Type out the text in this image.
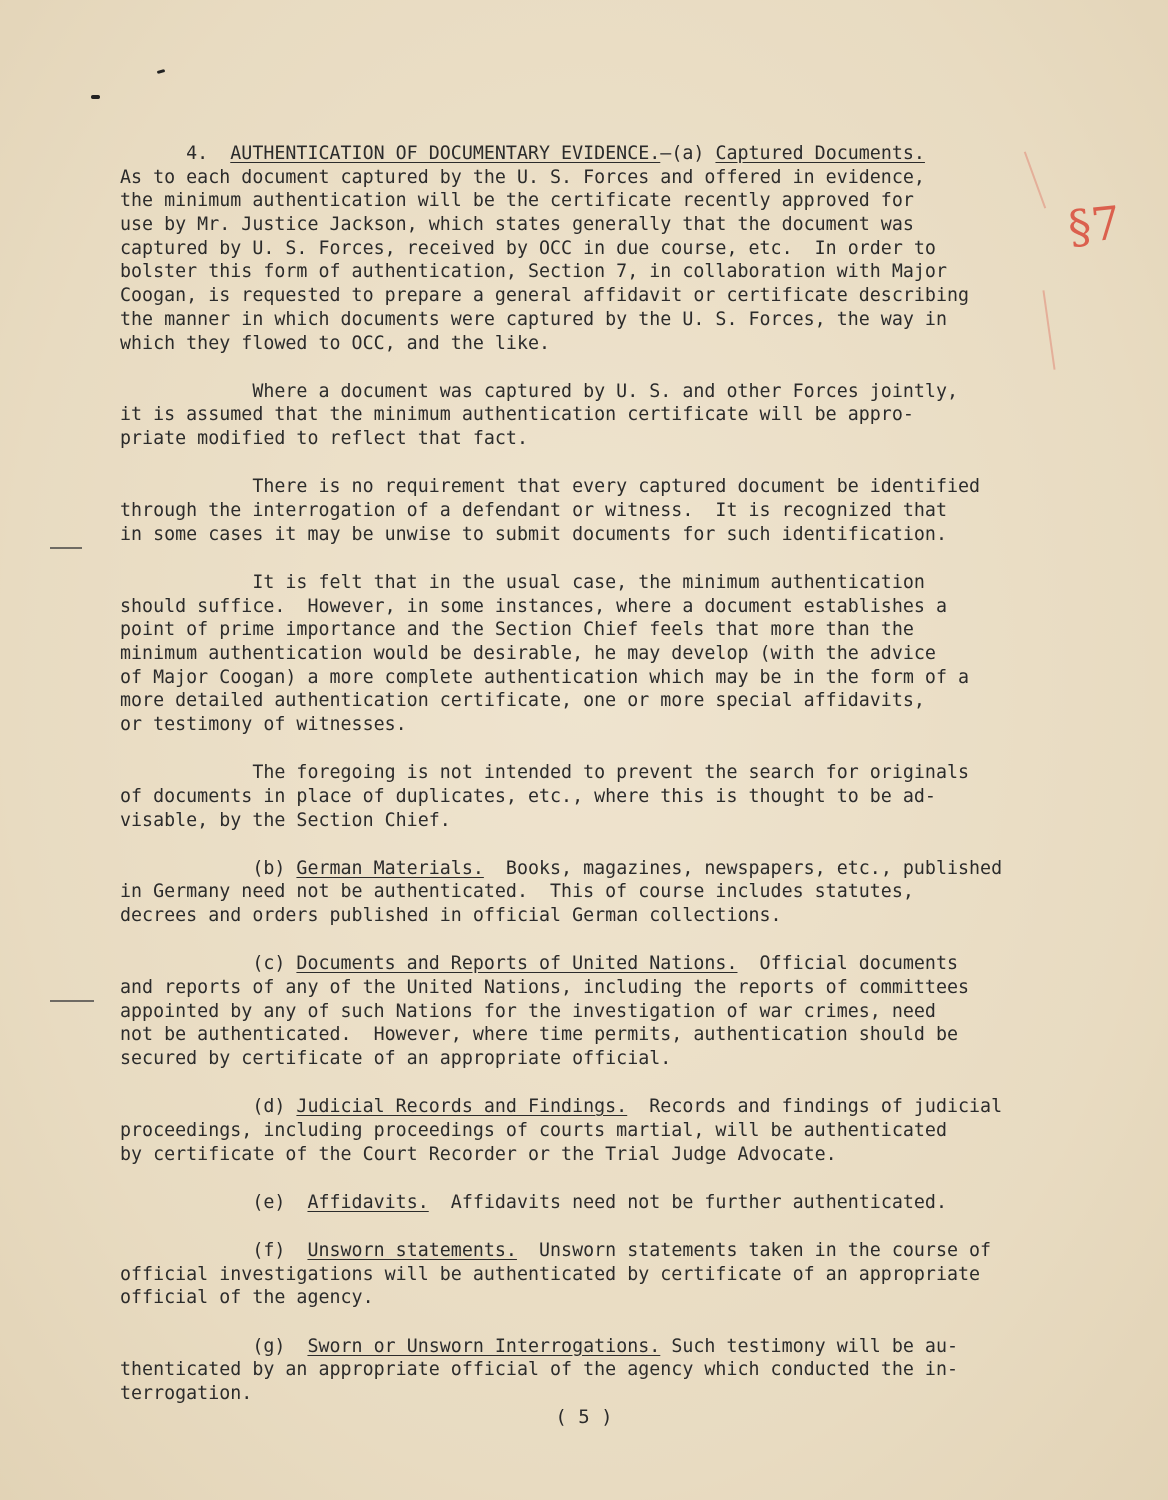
§7
4.  AUTHENTICATION OF DOCUMENTARY EVIDENCE.—(a) Captured Documents.
As to each document captured by the U. S. Forces and offered in evidence,
the minimum authentication will be the certificate recently approved for
use by Mr. Justice Jackson, which states generally that the document was
captured by U. S. Forces, received by OCC in due course, etc.  In order to
bolster this form of authentication, Section 7, in collaboration with Major
Coogan, is requested to prepare a general affidavit or certificate describing
the manner in which documents were captured by the U. S. Forces, the way in
which they flowed to OCC, and the like.
Where a document was captured by U. S. and other Forces jointly,
it is assumed that the minimum authentication certificate will be appro-
priate modified to reflect that fact.
There is no requirement that every captured document be identified
through the interrogation of a defendant or witness.  It is recognized that
in some cases it may be unwise to submit documents for such identification.
It is felt that in the usual case, the minimum authentication
should suffice.  However, in some instances, where a document establishes a
point of prime importance and the Section Chief feels that more than the
minimum authentication would be desirable, he may develop (with the advice
of Major Coogan) a more complete authentication which may be in the form of a
more detailed authentication certificate, one or more special affidavits,
or testimony of witnesses.
The foregoing is not intended to prevent the search for originals
of documents in place of duplicates, etc., where this is thought to be ad-
visable, by the Section Chief.
(b) German Materials.  Books, magazines, newspapers, etc., published
in Germany need not be authenticated.  This of course includes statutes,
decrees and orders published in official German collections.
(c) Documents and Reports of United Nations.  Official documents
and reports of any of the United Nations, including the reports of committees
appointed by any of such Nations for the investigation of war crimes, need
not be authenticated.  However, where time permits, authentication should be
secured by certificate of an appropriate official.
(d) Judicial Records and Findings.  Records and findings of judicial
proceedings, including proceedings of courts martial, will be authenticated
by certificate of the Court Recorder or the Trial Judge Advocate.
(e)  Affidavits.  Affidavits need not be further authenticated.
(f)  Unsworn statements.  Unsworn statements taken in the course of
official investigations will be authenticated by certificate of an appropriate
official of the agency.
(g)  Sworn or Unsworn Interrogations. Such testimony will be au-
thenticated by an appropriate official of the agency which conducted the in-
terrogation.
( 5 )
